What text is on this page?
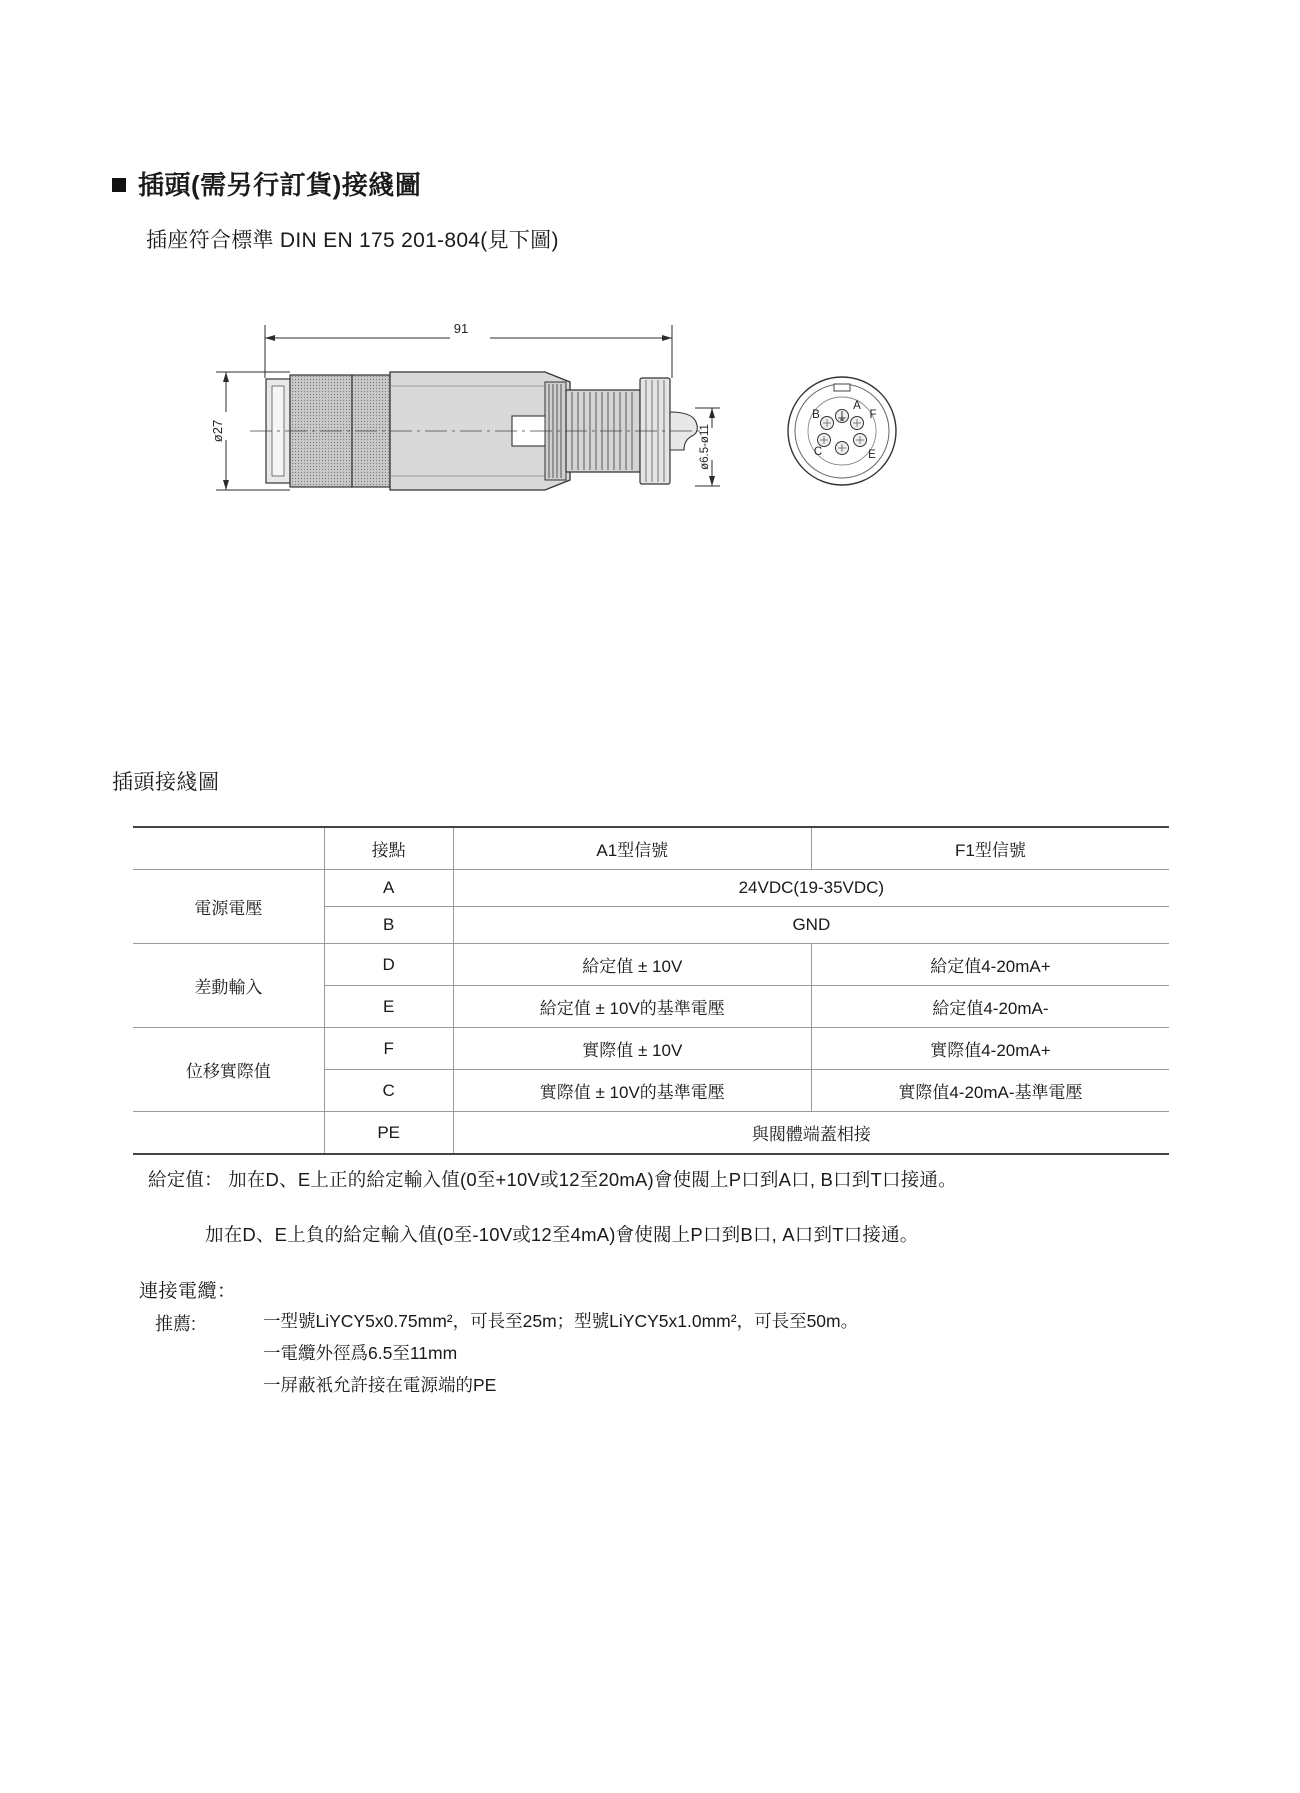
插頭(需另行訂貨)接綫圖
插座符合標準 DIN EN 175 201-804(見下圖)
91
ø27	ø6.5-ø11
A
B
C	E
F
插頭接綫圖
	接點	A1型信號	F1型信號
電源電壓	A	24VDC(19-35VDC)	
	B	GND	
差動輸入	D	給定值 ± 10V	給定值4-20mA+
	E	給定值 ± 10V的基準電壓	給定值4-20mA-
位移實際值	F	實際值 ± 10V	實際值4-20mA+
	C	實際值 ± 10V的基準電壓	實際值4-20mA-基準電壓
	PE	與閥體端蓋相接	
給定值： 加在D、E上正的給定輸入值(0至+10V或12至20mA)會使閥上P口到A口, B口到T口接通。
加在D、E上負的給定輸入值(0至-10V或12至4mA)會使閥上P口到B口, A口到T口接通。
連接電纜：
推薦:	一型號LiYCY5x0.75mm²，可長至25m；型號LiYCY5x1.0mm²，可長至50m。
一電纜外徑爲6.5至11mm
一屏蔽衹允許接在電源端的PE
